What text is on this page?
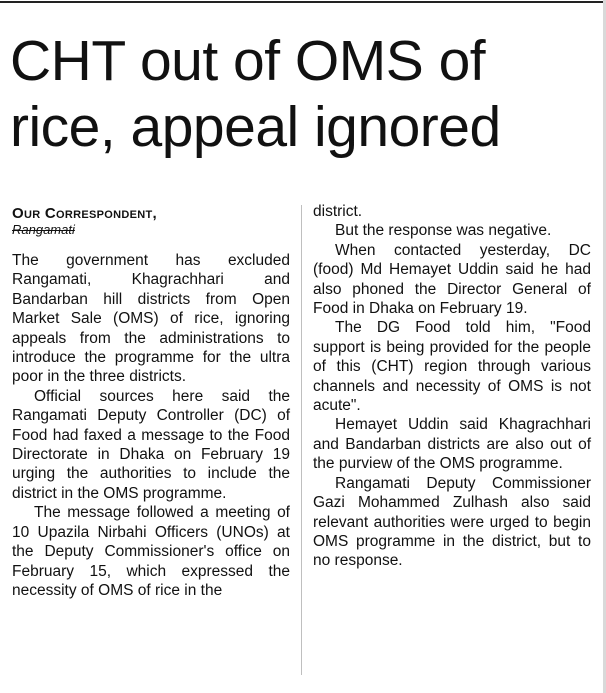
CHT out of OMS of rice, appeal ignored
Our Correspondent,
Rangamati

The government has excluded Rangamati, Khagrachhari and Bandarban hill districts from Open Market Sale (OMS) of rice, ignoring appeals from the administrations to introduce the programme for the ultra poor in the three districts.

Official sources here said the Rangamati Deputy Controller (DC) of Food had faxed a message to the Food Directorate in Dhaka on February 19 urging the authorities to include the district in the OMS programme.

The message followed a meeting of 10 Upazila Nirbahi Officers (UNOs) at the Deputy Commissioner's office on February 15, which expressed the necessity of OMS of rice in the

district.

But the response was negative.

When contacted yesterday, DC (food) Md Hemayet Uddin said he had also phoned the Director General of Food in Dhaka on February 19.

The DG Food told him, "Food support is being provided for the people of this (CHT) region through various channels and necessity of OMS is not acute".

Hemayet Uddin said Khagrachhari and Bandarban districts are also out of the purview of the OMS programme.

Rangamati Deputy Commissioner Gazi Mohammed Zulhash also said relevant authorities were urged to begin OMS programme in the district, but to no response.
